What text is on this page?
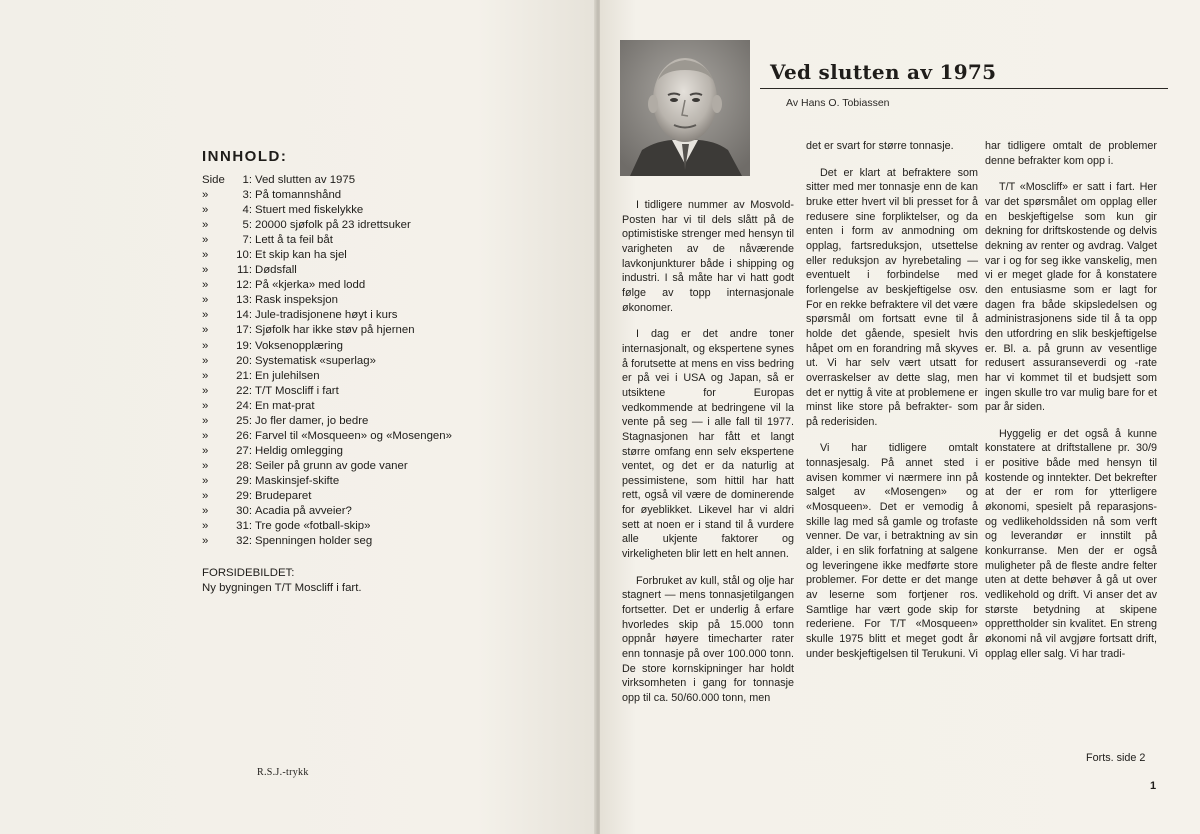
INNHOLD:
Side	1: Ved slutten av 1975
»	3: På tomannshånd
»	4: Stuert med fiskelykke
»	5: 20000 sjøfolk på 23 idrettsuker
»	7: Lett å ta feil båt
»	10: Et skip kan ha sjel
»	11: Dødsfall
»	12: På «kjerka» med lodd
»	13: Rask inspeksjon
»	14: Jule-tradisjonene høyt i kurs
»	17: Sjøfolk har ikke støv på hjernen
»	19: Voksenopplæring
»	20: Systematisk «superlag»
»	21: En julehilsen
»	22: T/T Moscliff i fart
»	24: En mat-prat
»	25: Jo fler damer, jo bedre
»	26: Farvel til «Mosqueen» og «Mosengen»
»	27: Heldig omlegging
»	28: Seiler på grunn av gode vaner
»	29: Maskinsjef-skifte
»	29: Brudeparet
»	30: Acadia på avveier?
»	31: Tre gode «fotball-skip»
»	32: Spenningen holder seg
FORSIDEBILDET:
Ny bygningen T/T Moscliff i fart.
R.S.J.-trykk
Ved slutten av 1975
Av Hans O. Tobiassen

I tidligere nummer av Mosvold-Posten har vi til dels slått på de optimistiske strenger med hensyn til varigheten av de nåværende lavkonjunkturer både i shipping og industri. I så måte har vi hatt godt følge av topp internasjonale økonomer.

I dag er det andre toner internasjonalt, og ekspertene synes å forutsette at mens en viss bedring er på vei i USA og Japan, så er utsiktene for Europas vedkommende at bedringene vil la vente på seg — i alle fall til 1977. Stagnasjonen har fått et langt større omfang enn selv ekspertene ventet, og det er da naturlig at pessimistene, som hittil har hatt rett, også vil være de dominerende for øyeblikket. Likevel har vi aldri sett at noen er i stand til å vurdere alle ukjente faktorer og virkeligheten blir lett en helt annen.

Forbruket av kull, stål og olje har stagnert — mens tonnasjetilgangen fortsetter. Det er underlig å erfare hvorledes skip på 15.000 tonn oppnår høyere timecharter rater enn tonnasje på over 100.000 tonn. De store kornskipninger har holdt virksomheten i gang for tonnasje opp til ca. 50/60.000 tonn, men

det er svart for større tonnasje.

Det er klart at befraktere som sitter med mer tonnasje enn de kan bruke etter hvert vil bli presset for å redusere sine forpliktelser, og da enten i form av anmodning om opplag, fartsreduksjon, utsettelse eller reduksjon av hyrebetaling — eventuelt i forbindelse med forlengelse av beskjeftigelse osv. For en rekke befraktere vil det være spørsmål om fortsatt evne til å holde det gående, spesielt hvis håpet om en forandring må skyves ut. Vi har selv vært utsatt for overraskelser av dette slag, men det er nyttig å vite at problemene er minst like store på befrakter- som på rederisiden.

Vi har tidligere omtalt tonnasjesalg. På annet sted i avisen kommer vi nærmere inn på salget av «Mosengen» og «Mosqueen». Det er vemodig å skille lag med så gamle og trofaste venner. De var, i betraktning av sin alder, i en slik forfatning at salgene og leveringene ikke medførte store problemer. For dette er det mange av leserne som fortjener ros. Samtlige har vært gode skip for rederiene. For T/T «Mosqueen» skulle 1975 blitt et meget godt år under beskjeftigelsen til Terukuni. Vi

har tidligere omtalt de problemer denne befrakter kom opp i.

T/T «Moscliff» er satt i fart. Her var det spørsmålet om opplag eller en beskjeftigelse som kun gir dekning for driftskostende og delvis dekning av renter og avdrag. Valget var i og for seg ikke vanskelig, men vi er meget glade for å konstatere den entusiasme som er lagt for dagen fra både skipsledelsen og administrasjonens side til å ta opp den utfordring en slik beskjeftigelse er. Bl. a. på grunn av vesentlige redusert assuranseverdi og -rate har vi kommet til et budsjett som ingen skulle tro var mulig bare for et par år siden.

Hyggelig er det også å kunne konstatere at driftstallene pr. 30/9 er positive både med hensyn til kostende og inntekter. Det bekrefter at der er rom for ytterligere økonomi, spesielt på reparasjons- og vedlikeholdssiden nå som verft og leverandør er innstilt på konkurranse. Men der er også muligheter på de fleste andre felter uten at dette behøver å gå ut over vedlikehold og drift. Vi anser det av største betydning at skipene opprettholder sin kvalitet. En streng økonomi nå vil avgjøre fortsatt drift, opplag eller salg. Vi har tradi-

Forts. side 2
1
